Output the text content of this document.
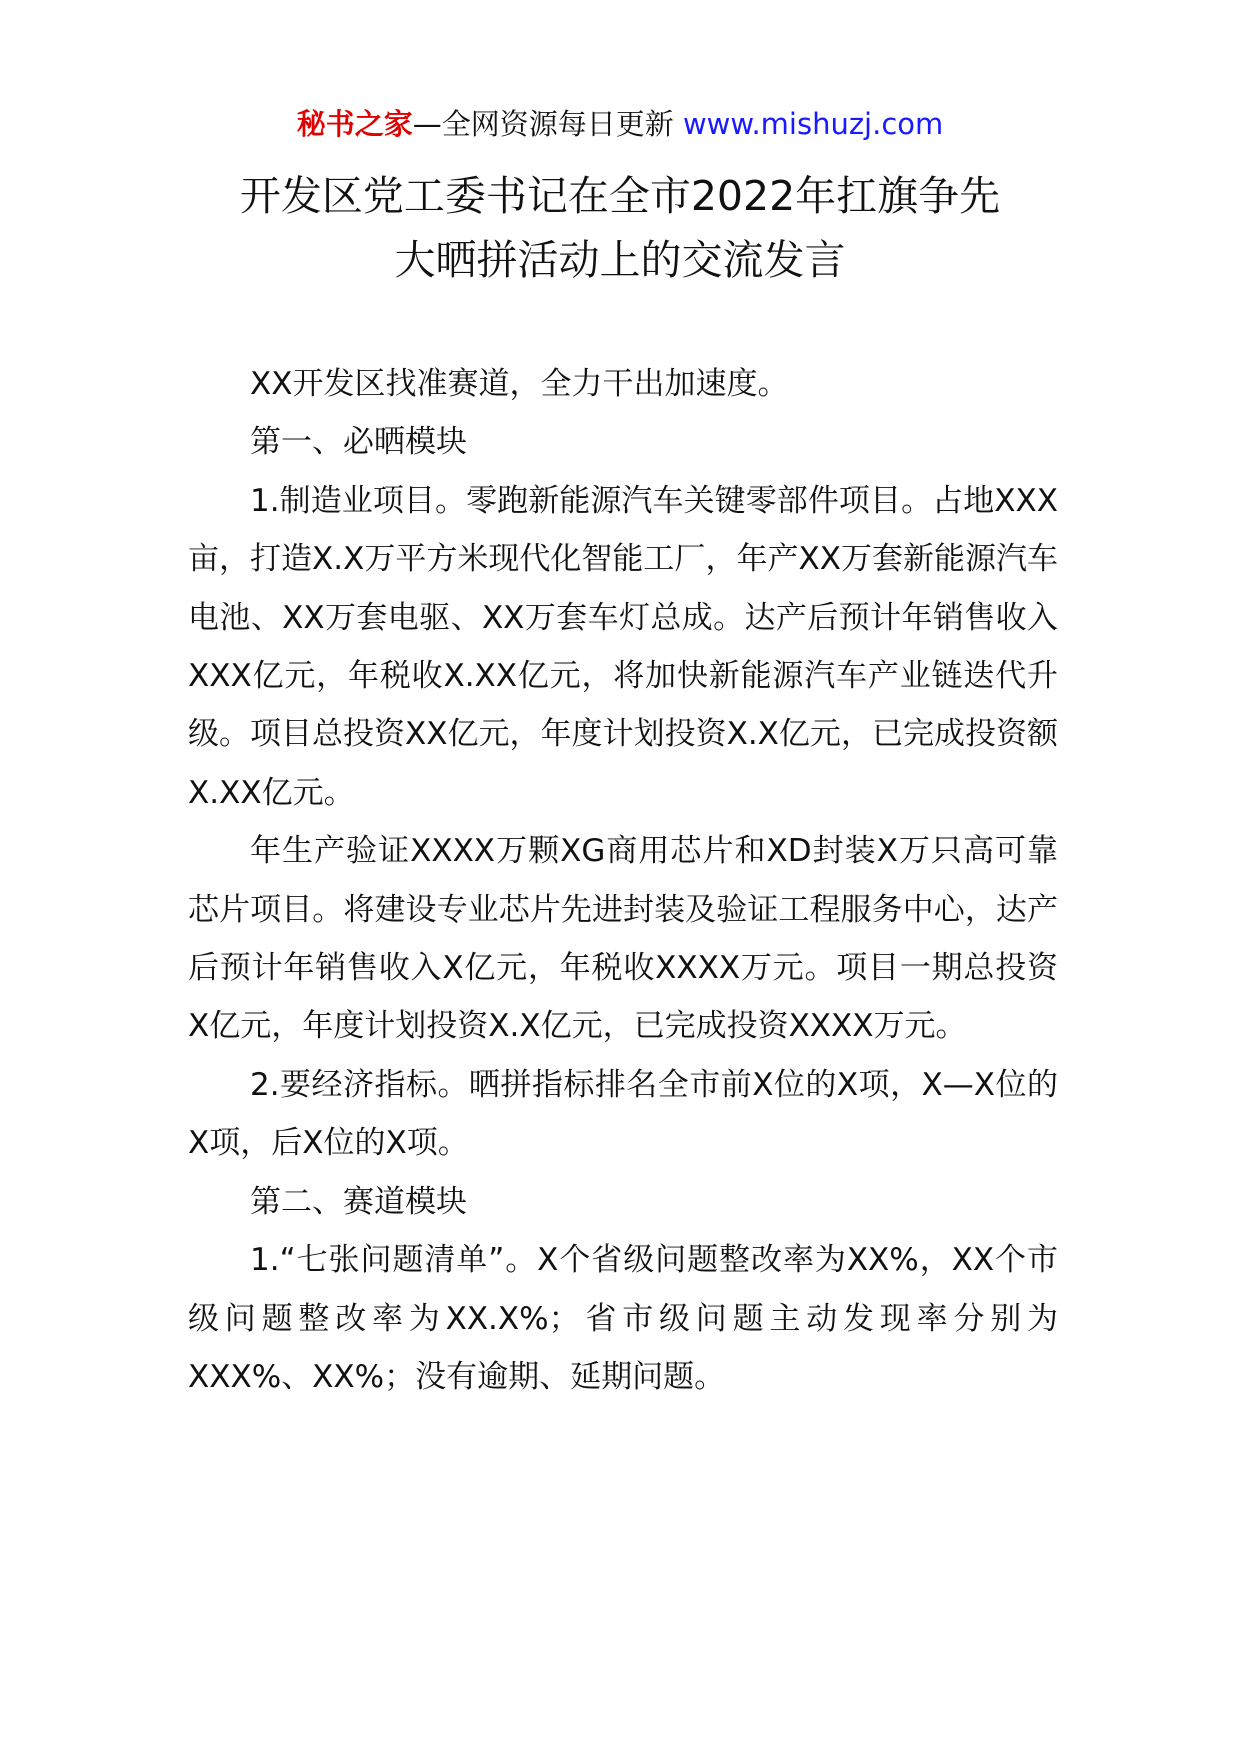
秘书之家—全网资源每日更新 www.mishuzj.com
开发区党工委书记在全市2022年扛旗争先
大晒拼活动上的交流发言

XX开发区找准赛道，全力干出加速度。

第一、必晒模块

1.制造业项目。零跑新能源汽车关键零部件项目。占地XXX亩，打造X.X万平方米现代化智能工厂，年产XX万套新能源汽车电池、XX万套电驱、XX万套车灯总成。达产后预计年销售收入XXX亿元，年税收X.XX亿元，将加快新能源汽车产业链迭代升级。项目总投资XX亿元，年度计划投资X.X亿元，已完成投资额X.XX亿元。

年生产验证XXXX万颗XG商用芯片和XD封装X万只高可靠芯片项目。将建设专业芯片先进封装及验证工程服务中心，达产后预计年销售收入X亿元，年税收XXXX万元。项目一期总投资X亿元，年度计划投资X.X亿元，已完成投资XXXX万元。

2.要经济指标。晒拼指标排名全市前X位的X项，X—X位的X项，后X位的X项。

第二、赛道模块

1.“七张问题清单”。X个省级问题整改率为XX%，XX个市级问题整改率为XX.X%；省市级问题主动发现率分别为XXX%、XX%；没有逾期、延期问题。
